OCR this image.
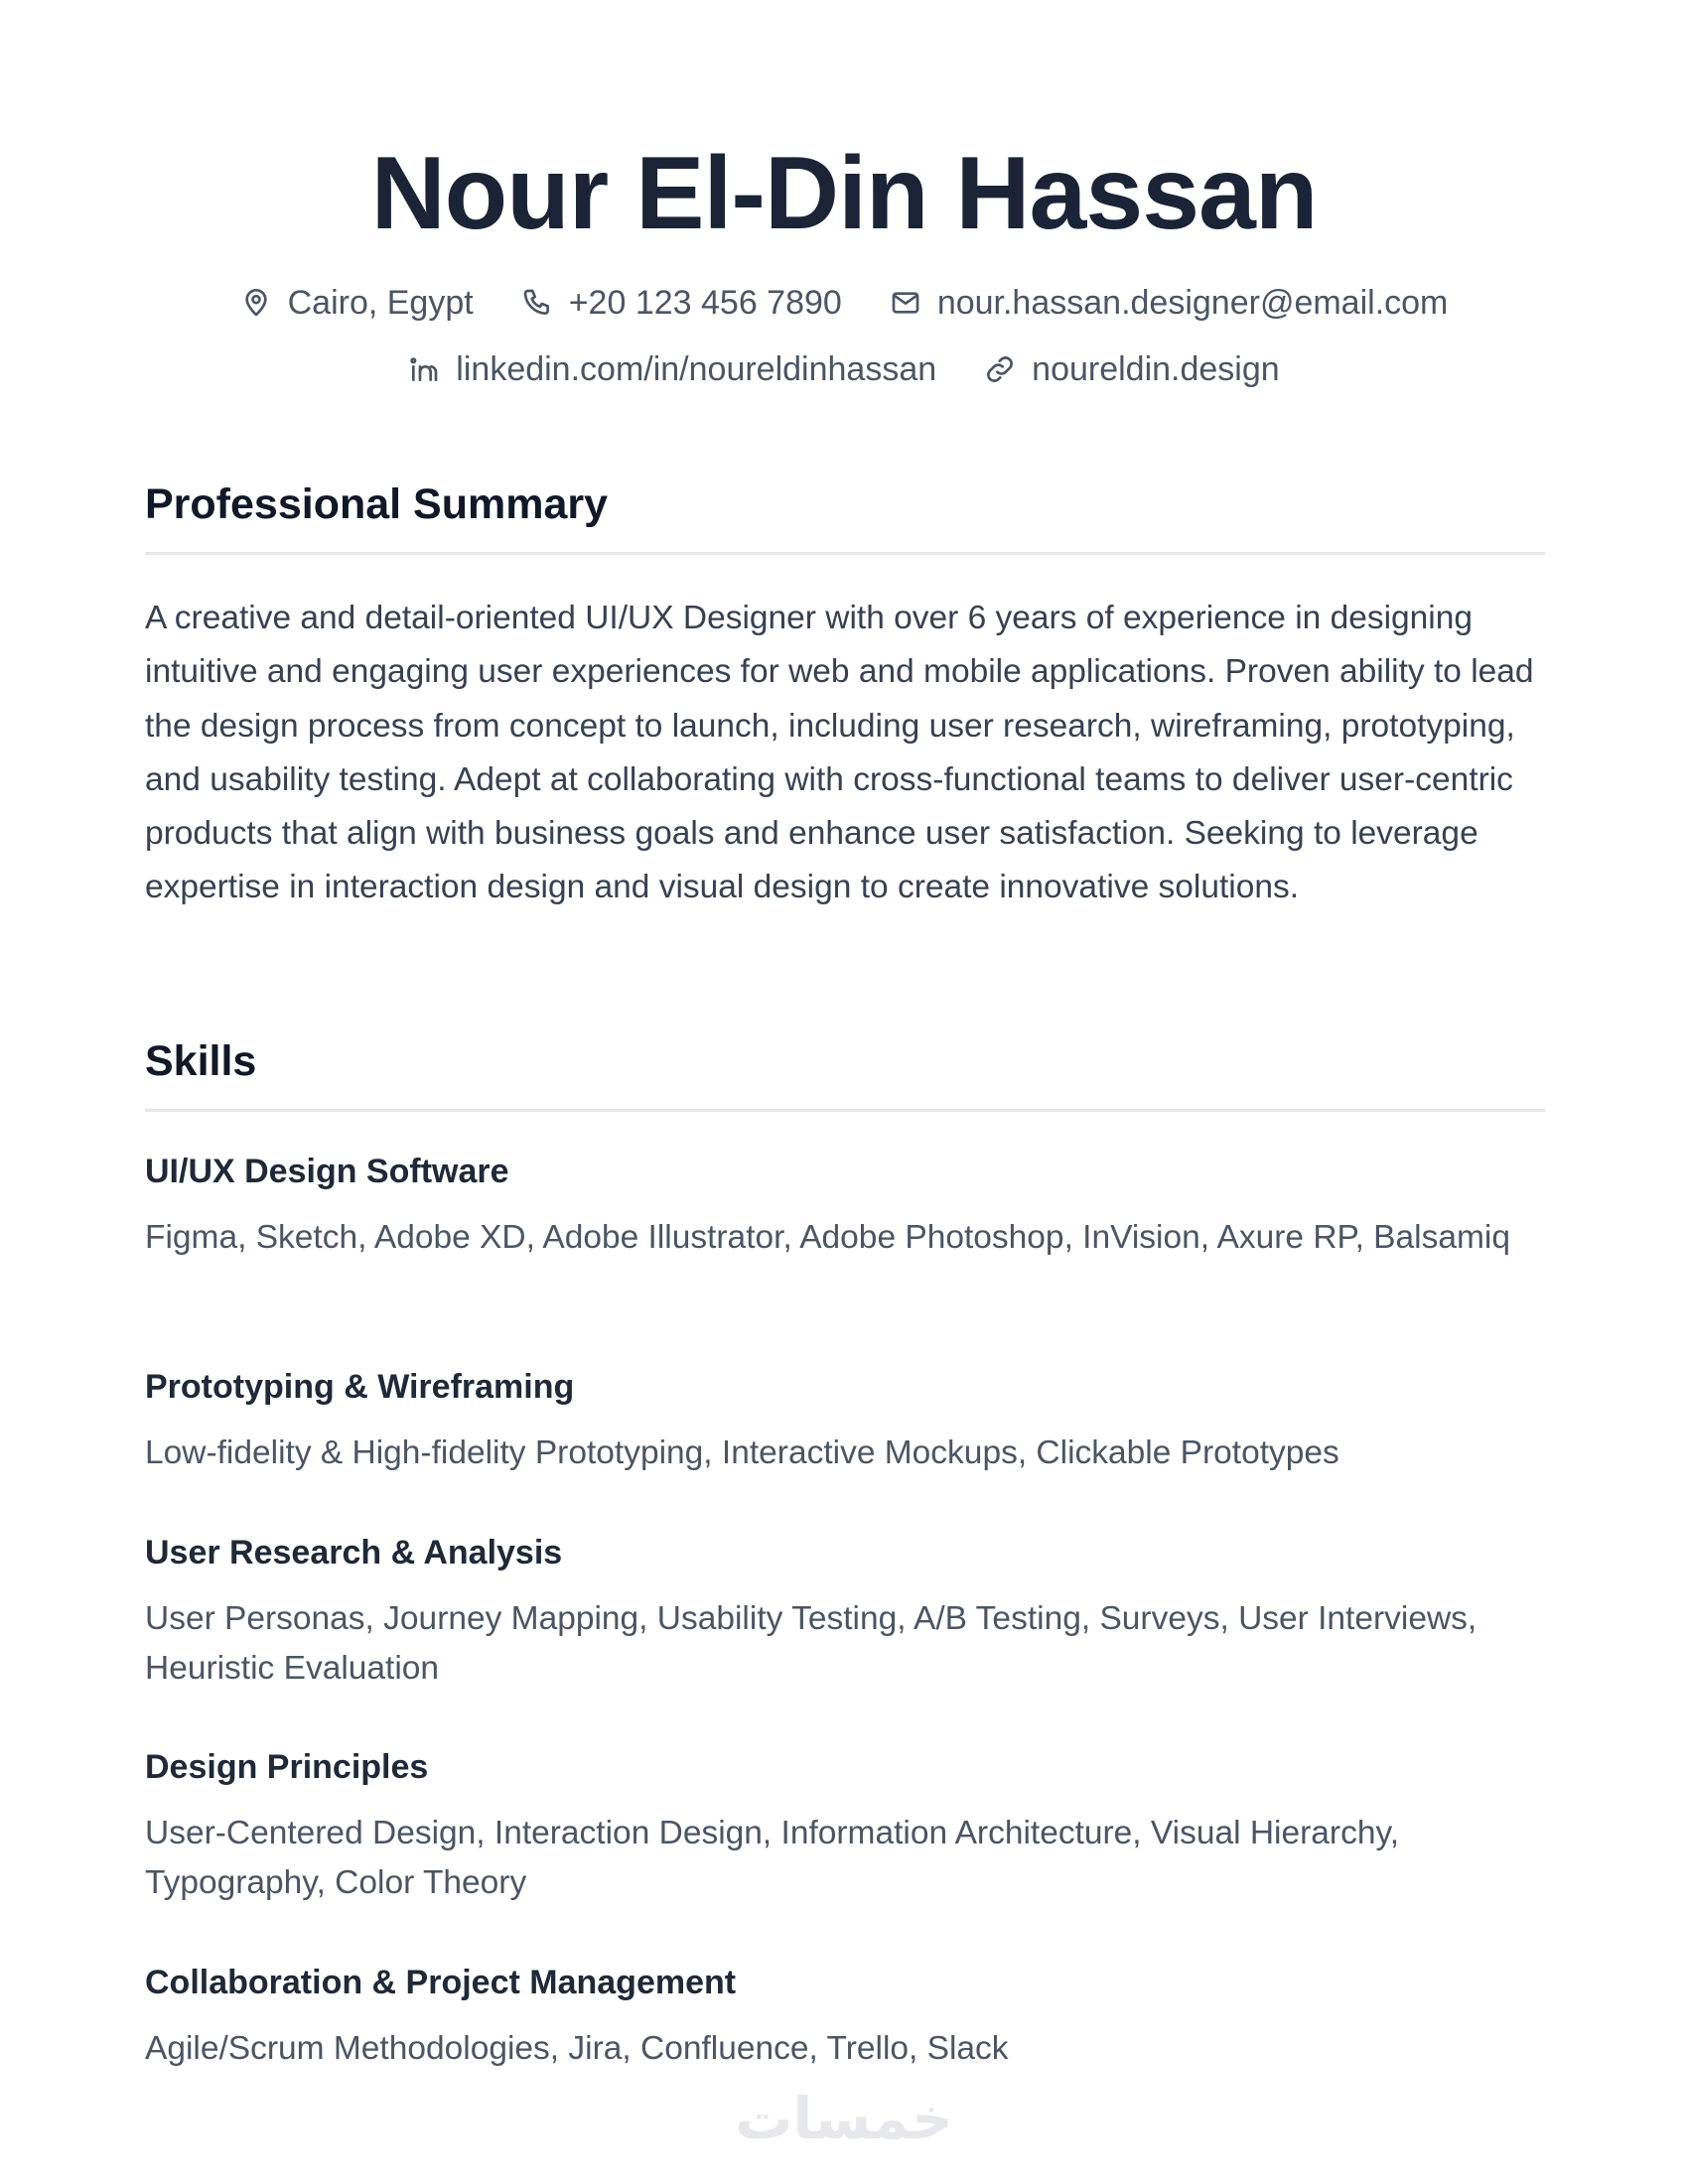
Nour El-Din Hassan
Cairo, Egypt	+20 123 456 7890	nour.hassan.designer@email.com
linkedin.com/in/noureldinhassan	noureldin.design
Professional Summary

A creative and detail-oriented UI/UX Designer with over 6 years of experience in designing intuitive and engaging user experiences for web and mobile applications. Proven ability to lead the design process from concept to launch, including user research, wireframing, prototyping, and usability testing. Adept at collaborating with cross-functional teams to deliver user-centric products that align with business goals and enhance user satisfaction. Seeking to leverage expertise in interaction design and visual design to create innovative solutions.

Skills
UI/UX Design Software

Figma, Sketch, Adobe XD, Adobe Illustrator, Adobe Photoshop, InVision, Axure RP, Balsamiq

Prototyping & Wireframing

Low-fidelity & High-fidelity Prototyping, Interactive Mockups, Clickable Prototypes

User Research & Analysis

User Personas, Journey Mapping, Usability Testing, A/B Testing, Surveys, User Interviews, Heuristic Evaluation

Design Principles

User-Centered Design, Interaction Design, Information Architecture, Visual Hierarchy, Typography, Color Theory

Collaboration & Project Management

Agile/Scrum Methodologies, Jira, Confluence, Trello, Slack

خمسات
